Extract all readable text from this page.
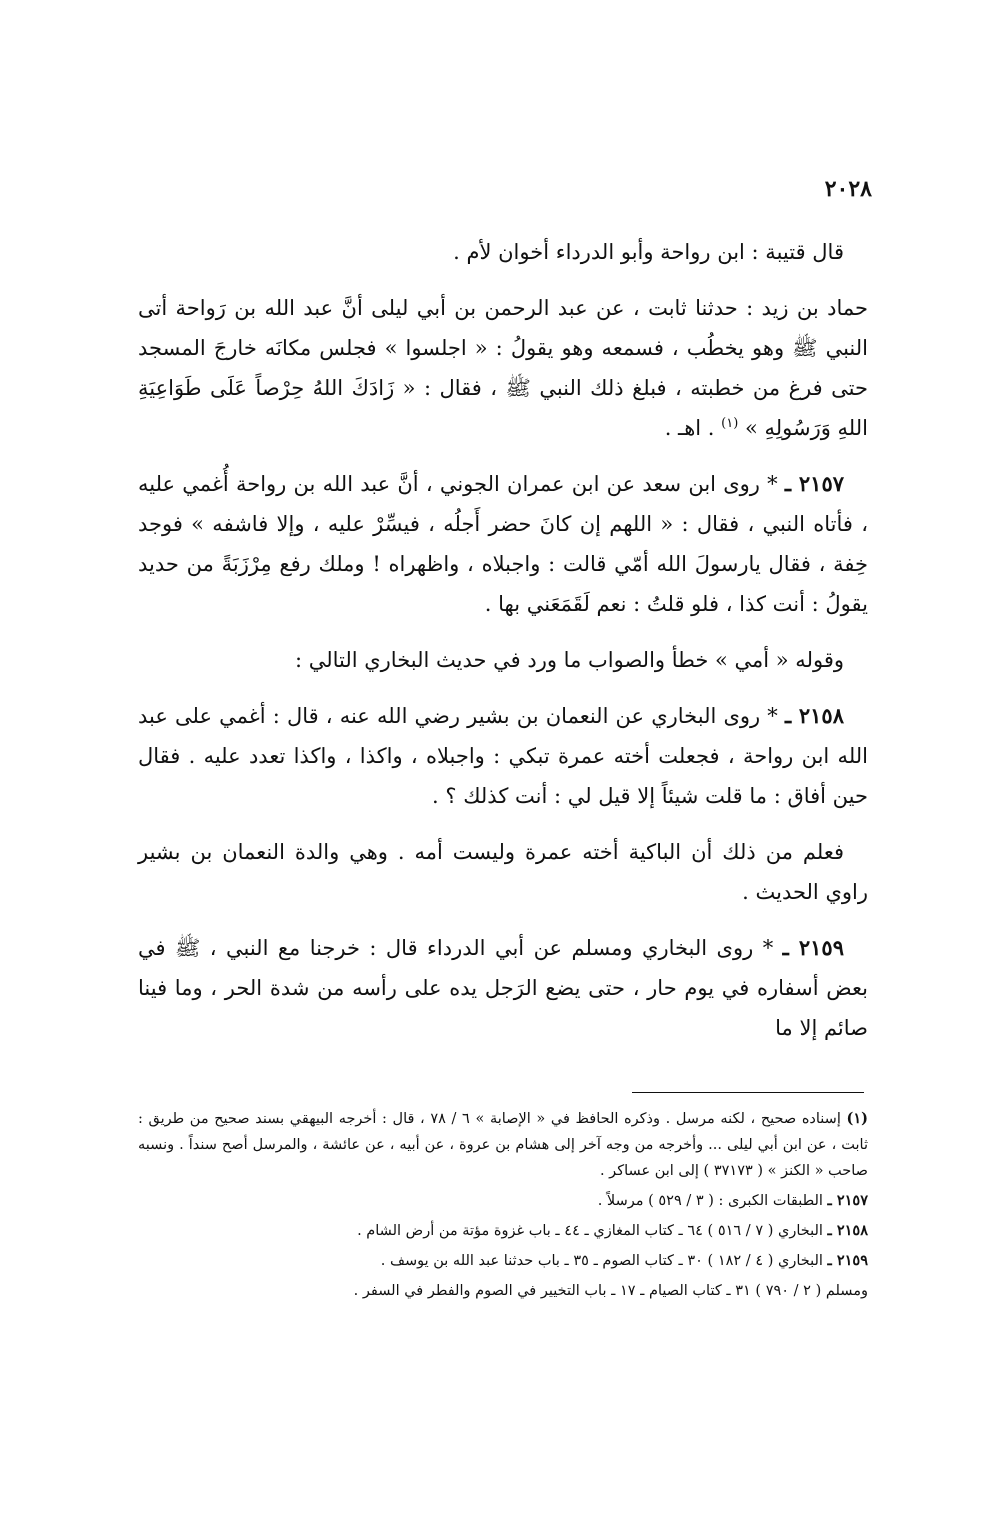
٢٠٢٨

قال قتيبة : ابن رواحة وأبو الدرداء أخوان لأم .

حماد بن زيد : حدثنا ثابت ، عن عبد الرحمن بن أبي ليلى أنَّ عبد الله بن رَواحة أتى النبي ﷺ وهو يخطُب ، فسمعه وهو يقولُ : « اجلسوا » فجلس مكانَه خارجَ المسجد حتى فرغ من خطبته ، فبلغ ذلك النبي ﷺ ، فقال : « زَادَكَ اللهُ حِرْصاً عَلَى طَوَاعِيَةِ اللهِ وَرَسُولِهِ » $^{(١)}$ . اهـ .

٢١٥٧ ـ * روى ابن سعد عن ابن عمران الجوني ، أنَّ عبد الله بن رواحة أُغمي عليه ، فأتاه النبي ، فقال : « اللهم إن كانَ حضر أَجلُه ، فيسِّرْ عليه ، وإلا فاشفه » فوجد خِفة ، فقال يارسولَ الله أمّي قالت : واجبلاه ، واظهراه ! وملك رفع مِرْزَبَةً من حديد يقولُ : أنت كذا ، فلو قلتُ : نعم لَقَمَعَني بها .

وقوله « أمي » خطأ والصواب ما ورد في حديث البخاري التالي :

٢١٥٨ ـ * روى البخاري عن النعمان بن بشير رضي الله عنه ، قال : أغمي على عبد الله ابن رواحة ، فجعلت أخته عمرة تبكي : واجبلاه ، واكذا ، واكذا تعدد عليه . فقال حين أفاق : ما قلت شيئاً إلا قيل لي : أنت كذلك ؟ .

فعلم من ذلك أن الباكية أخته عمرة وليست أمه . وهي والدة النعمان بن بشير راوي الحديث .

٢١٥٩ ـ * روى البخاري ومسلم عن أبي الدرداء قال : خرجنا مع النبي ، ﷺ في بعض أسفاره في يوم حار ، حتى يضع الرَجل يده على رأسه من شدة الحر ، وما فينا صائم إلا ما

(١) إسناده صحيح ، لكنه مرسل . وذكره الحافظ في « الإصابة » ٦ / ٧٨ ، قال : أخرجه البيهقي بسند صحيح من طريق : ثابت ، عن ابن أبي ليلى ... وأخرجه من وجه آخر إلى هشام بن عروة ، عن أبيه ، عن عائشة ، والمرسل أصح سنداً . ونسبه صاحب « الكنز » ( ٣٧١٧٣ ) إلى ابن عساكر .

٢١٥٧ ـ الطبقات الكبرى : ( ٣ / ٥٢٩ ) مرسلاً .

٢١٥٨ ـ البخاري ( ٧ / ٥١٦ ) ٦٤ ـ كتاب المغازي ـ ٤٤ ـ باب غزوة مؤتة من أرض الشام .

٢١٥٩ ـ البخاري ( ٤ / ١٨٢ ) ٣٠ ـ كتاب الصوم ـ ٣٥ ـ باب حدثنا عبد الله بن يوسف .

ومسلم ( ٢ / ٧٩٠ ) ٣١ ـ كتاب الصيام ـ ١٧ ـ باب التخيير في الصوم والفطر في السفر .
